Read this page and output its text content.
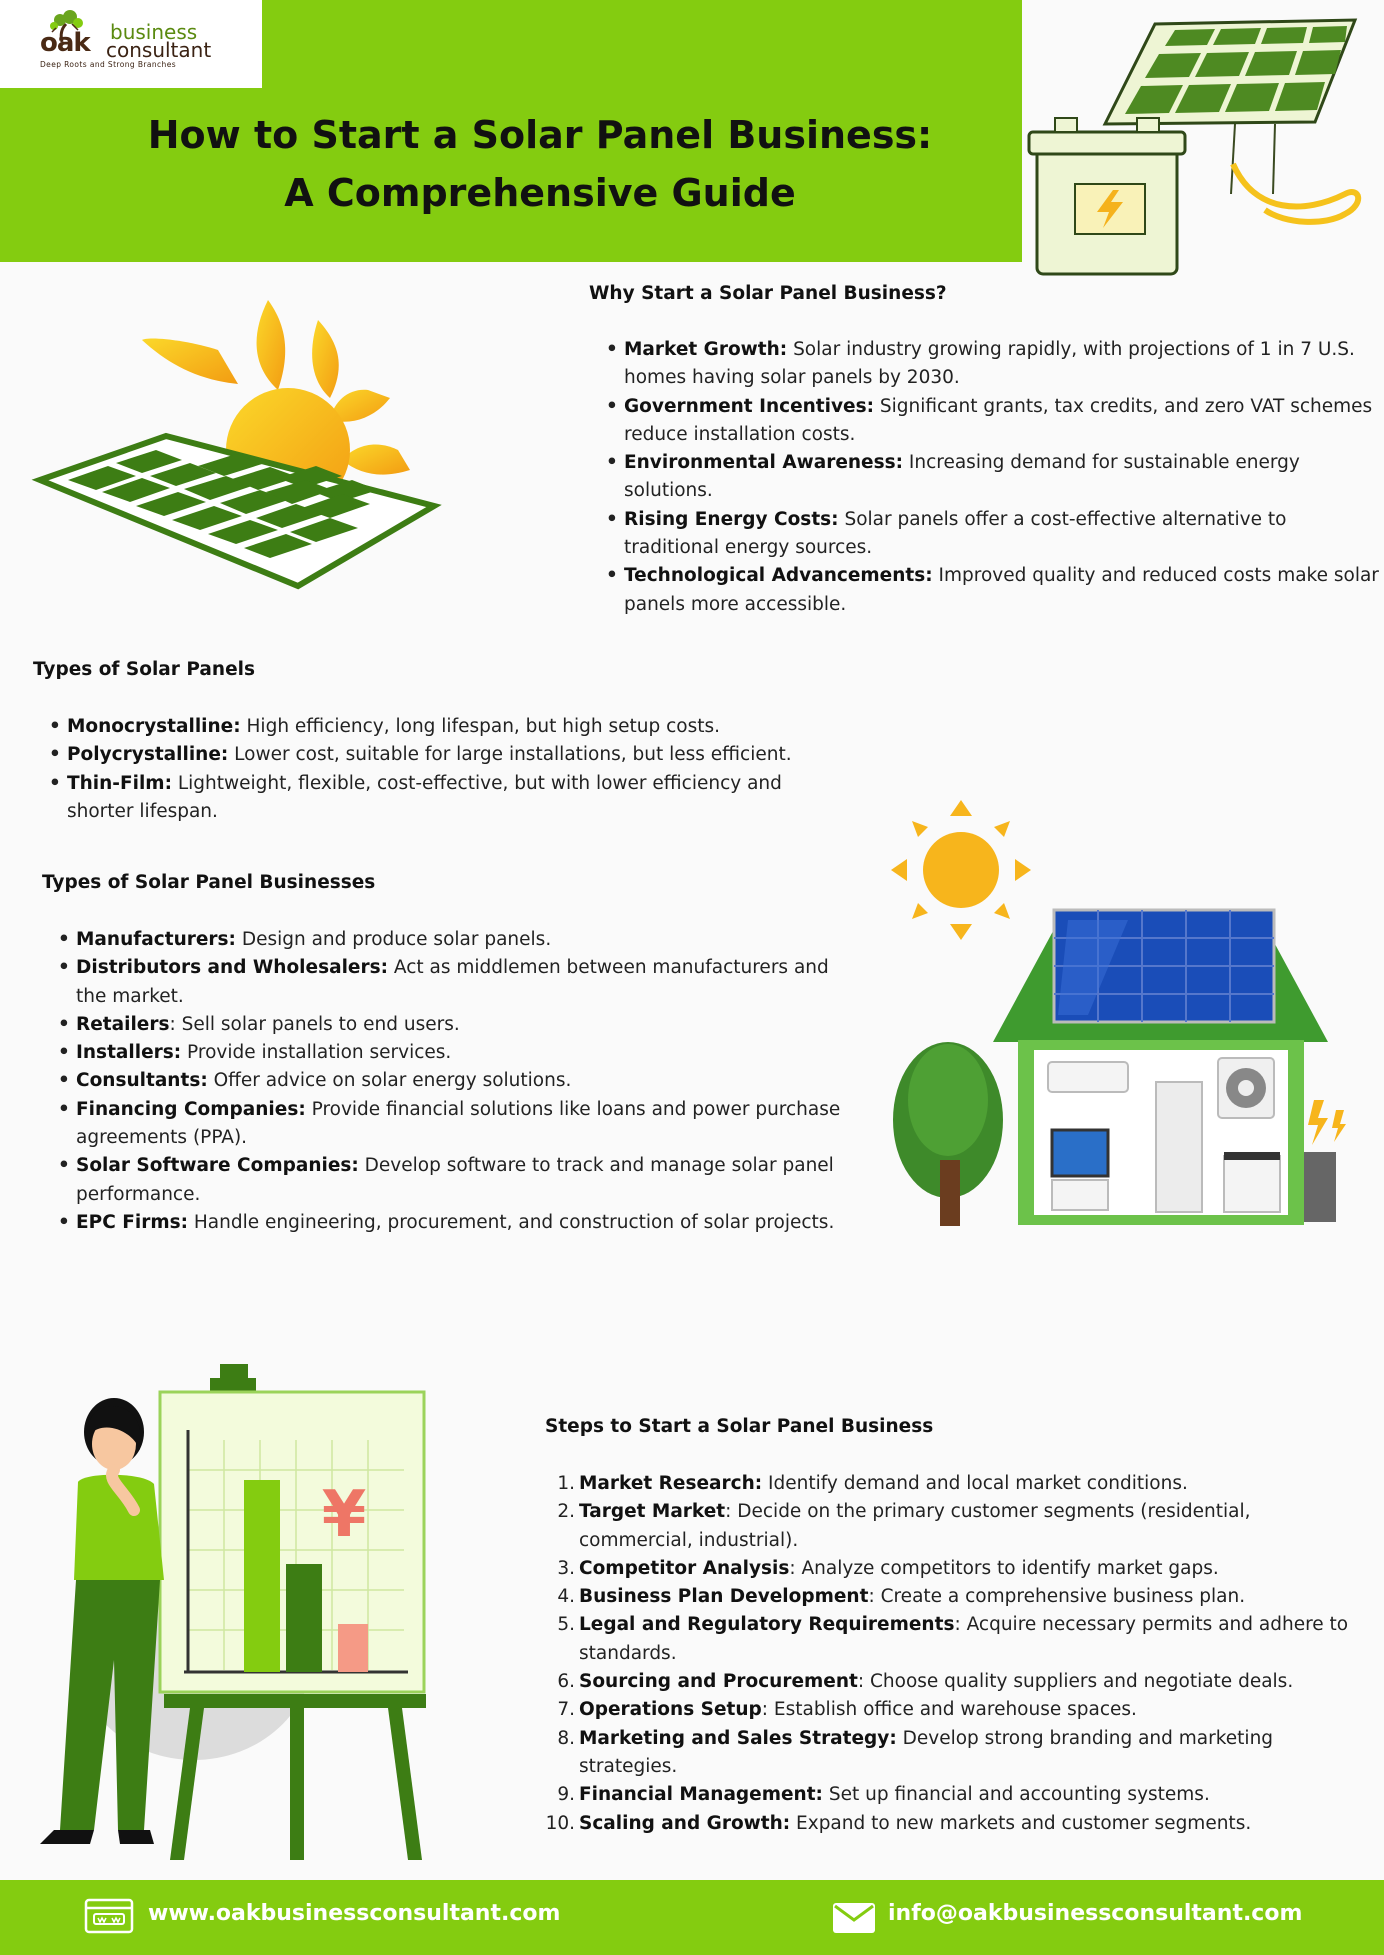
oak business
consultant
Deep Roots and Strong Branches
How to Start a Solar Panel Business:
A Comprehensive Guide
Why Start a Solar Panel Business?
• Market Growth: Solar industry growing rapidly, with projections of 1 in 7 U.S. homes having solar panels by 2030.
• Government Incentives: Significant grants, tax credits, and zero VAT schemes reduce installation costs.
• Environmental Awareness: Increasing demand for sustainable energy solutions.
• Rising Energy Costs: Solar panels offer a cost-effective alternative to traditional energy sources.
• Technological Advancements: Improved quality and reduced costs make solar panels more accessible.
Types of Solar Panels
• Monocrystalline: High efficiency, long lifespan, but high setup costs.
• Polycrystalline: Lower cost, suitable for large installations, but less efficient.
• Thin-Film: Lightweight, flexible, cost-effective, but with lower efficiency and shorter lifespan.
Types of Solar Panel Businesses
• Manufacturers: Design and produce solar panels.
• Distributors and Wholesalers: Act as middlemen between manufacturers and the market.
• Retailers: Sell solar panels to end users.
• Installers: Provide installation services.
• Consultants: Offer advice on solar energy solutions.
• Financing Companies: Provide financial solutions like loans and power purchase agreements (PPA).
• Solar Software Companies: Develop software to track and manage solar panel performance.
• EPC Firms: Handle engineering, procurement, and construction of solar projects.
¥
Steps to Start a Solar Panel Business
1. Market Research: Identify demand and local market conditions.
2. Target Market: Decide on the primary customer segments (residential, commercial, industrial).
3. Competitor Analysis: Analyze competitors to identify market gaps.
4. Business Plan Development: Create a comprehensive business plan.
5. Legal and Regulatory Requirements: Acquire necessary permits and adhere to standards.
6. Sourcing and Procurement: Choose quality suppliers and negotiate deals.
7. Operations Setup: Establish office and warehouse spaces.
8. Marketing and Sales Strategy: Develop strong branding and marketing strategies.
9. Financial Management: Set up financial and accounting systems.
10. Scaling and Growth: Expand to new markets and customer segments.
www.oakbusinessconsultant.com	info@oakbusinessconsultant.com
